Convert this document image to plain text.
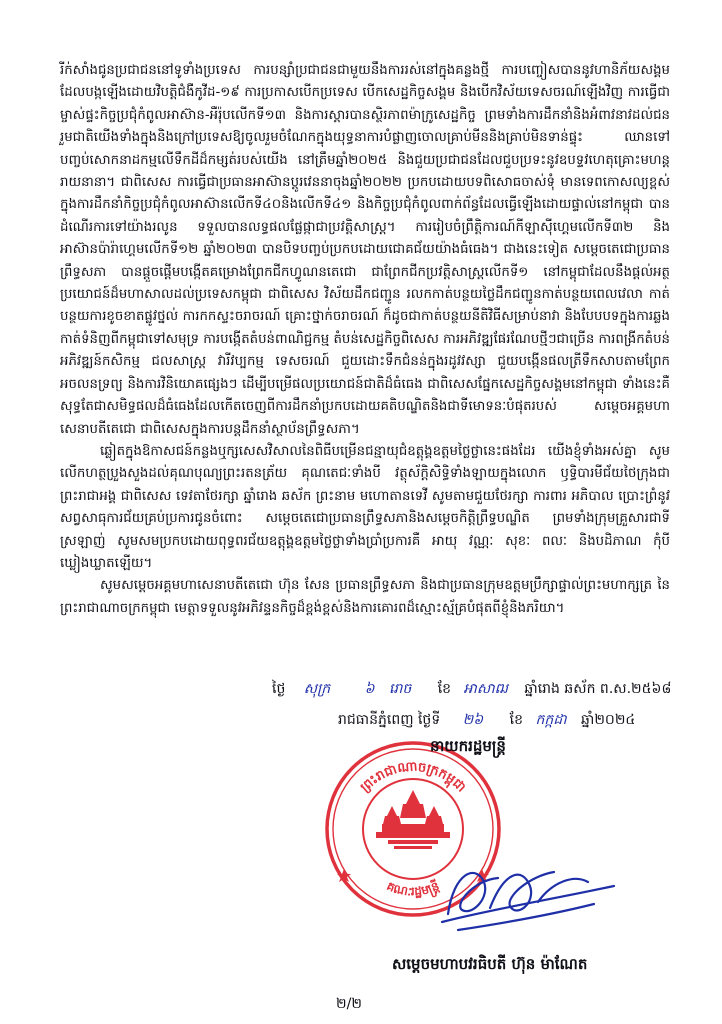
រីក់សាំងជូនប្រជាជននៅទូទាំងប្រទេស ការបន្សាំប្រជាជនជាមួយនឹងការរស់នៅក្នុងគន្លងថ្មី ការបញ្ចៀសបាននូវហានិភ័យសង្គមដែលបង្កឡើងដោយវិបត្តិជំងឺកូវីដ-១៩ ការប្រកាសបើកប្រទេស បើកសេដ្ឋកិច្ចសង្គម និងបើកវិស័យទេសចរណ៍ឡើងវិញ ការធ្វើជាម្ចាស់ផ្ទះកិច្ចប្រជុំកំពូលអាស៊ាន-អឺរ៉ុបលើកទី១៣ និងការស្តារបានស្ថិរភាពម៉ាក្រូសេដ្ឋកិច្ច ព្រមទាំងការដឹកនាំនិងអំពាវនាវដល់ជនរួមជាតិយើងទាំងក្នុងនិងក្រៅប្រទេសឱ្យចូលរួមចំណែកក្នុងយុទ្ធនាការបំផ្លាញចោលគ្រាប់មីននិងគ្រាប់មិនទាន់ផ្ទុះ ឈានទៅបញ្ចប់សោកនាដកម្មលើទឹកដីដ៏កម្សត់របស់យើង នៅត្រឹមឆ្នាំ២០២៥ និងជួយប្រជាជនដែលជួបប្រទះនូវឧបទ្ទវហេតុគ្រោះមហន្តរាយនានា។ ជាពិសេស ការធ្វើជាប្រធានអាស៊ានប្តូរវេននាចុងឆ្នាំ២០២២ ប្រកបដោយបទពិសោធចាស់ទុំ មានទេពកោសល្យខ្ពស់ក្នុងការដឹកនាំកិច្ចប្រជុំកំពូលអាស៊ានលើកទី៤០និងលើកទី៤១ និងកិច្ចប្រជុំកំពូលពាក់ព័ន្ធដែលធ្វើឡើងដោយផ្ទាល់នៅកម្ពុជា បានដំណើរការទៅយ៉ាងរលូន ទទួលបានលទ្ធផលផ្លែផ្កាជាប្រវត្តិសាស្ត្រ។ ការរៀបចំព្រឹត្តិការណ៍កីឡាស៊ីហ្គេមលើកទី៣២ និងអាស៊ានប៉ារ៉ាហ្គេមលើកទី១២ ឆ្នាំ២០២៣ បានបិទបញ្ចប់ប្រកបដោយជោគជ័យយ៉ាងធំធេង។ ជាងនេះទៀត សម្តេចតេជោប្រធានព្រឹទ្ធសភា បានផ្តួចផ្តើមបង្កើតគម្រោងព្រែកជីកហ្វូណនតេជោ ជាព្រែកជីកប្រវត្តិសាស្ត្រលើកទី១ នៅកម្ពុជាដែលនឹងផ្តល់អត្ថប្រយោជន៍ដ៏មហាសាលដល់ប្រទេសកម្ពុជា ជាពិសេស វិស័យដឹកជញ្ជូន រលកកាត់បន្ថយថ្លៃដឹកជញ្ជូនកាត់បន្ថយពេលវេលា កាត់បន្ថយការខូចខាតផ្លូវថ្នល់ ការកកស្ទះចរាចរណ៍ គ្រោះថ្នាក់ចរាចរណ៍ ក៏ដូចជាកាត់បន្ថយនីតិវិធីសម្រាប់នាវា និងបែបបទក្នុងការឆ្លងកាត់ទំនិញពីកម្ពុជាទៅសមុទ្រ ការបង្កើតតំបន់ពាណិជ្ជកម្ម តំបន់សេដ្ឋកិច្ចពិសេស ការអភិវឌ្ឍផែរណែបថ្មីៗជាច្រើន ការពង្រីកតំបន់អភិវឌ្ឍន៍កសិកម្ម ជលសាស្ត្រ វារីវប្បកម្ម ទេសចរណ៍ ជួយដោះទឹកជំនន់ក្នុងរដូវវស្សា ជួយបង្កើនផលត្រីទឹកសាបតាមព្រែក អចលនទ្រព្យ និងការវិនិយោគផ្សេងៗ ដើម្បីបម្រើផលប្រយោជន៍ជាតិដ៏ធំធេង ជាពិសេសផ្នែកសេដ្ឋកិច្ចសង្គមនៅកម្ពុជា ទាំងនេះគឺសុទ្ធតែជាសមិទ្ធផលដ៏ធំធេងដែលកើតចេញពីការដឹកនាំប្រកបដោយគតិបណ្ឌិតនិងជាទីមោទនៈបំផុតរបស់ សម្តេចអគ្គមហាសេនាបតីតេជោ ជាពិសេសក្នុងការបន្តដឹកនាំស្ថាប័នព្រឹទ្ធសភា។

ឆ្លៀតក្នុងឱកាសជន៍កន្លងឬក្សសេសវិសាលនៃពិធីបម្រើនជន្មាយុជំឧត្តុង្គឧត្តមថ្លៃថ្លានេះផងដែរ យើងខ្ញុំទាំងអស់គ្នា សូមលើកហត្ថប្រួងសួងដល់គុណបុណ្យព្រះរតនត្រ័យ គុណតេជៈទាំងបី វត្ថុស័ក្តិសិទ្ធិទាំងឡាយក្នុងលោក ឫទ្ធិបារមីជ័យថៃក្រុងជាព្រះរាជាអង្គ ជាពិសេស ទេវតាថែរក្សា ឆ្នាំរោង ឆស័ក ព្រះនាម មហោតានទេវី សូមតាមជួយថែរក្សា ការពារ អភិបាល ប្រោះព្រំនូវសព្វសាធុការជ័យគ្រប់ប្រការជូនចំពោះ សម្តេចតេជោប្រធានព្រឹទ្ធសភានិងសម្តេចកិត្តិព្រឹទ្ធបណ្ឌិត ព្រមទាំងក្រុមគ្រួសារជាទីស្រឡាញ់ សូមសមប្រកបដោយពុទ្ធពរជ័យឧត្តុង្គឧត្តមថ្លៃថ្លាទាំងប្រាំប្រការគឺ អាយុ វណ្ណៈ សុខៈ ពលៈ និងបដិភាណ កុំបីឃ្លៀងឃ្លាតឡើយ។

សូមសម្តេចអគ្គមហាសេនាបតីតេជោ ហ៊ុន សែន ប្រធានព្រឹទ្ធសភា និងជាប្រធានក្រុមឧត្តមប្រឹក្សាផ្ទាល់ព្រះមហាក្សត្រ នៃព្រះរាជាណាចក្រកម្ពុជា មេត្តាទទួលនូវអភិវន្ទនកិច្ចដ៏ខ្ពង់ខ្ពស់និងការគោរពដ៏ស្មោះស្ម័គ្របំផុតពីខ្ញុំនិងភរិយា។

ថ្ងៃ សុក្រ ៦ រោច ខែ អាសាឍ ឆ្នាំរោង ឆស័ក ព.ស.២៥៦៨
រាជធានីភ្នំពេញ ថ្ងៃទី ២៦ ខែ កក្កដា ឆ្នាំ២០២៤
ព្រះរាជាណាចក្រកម្ពុជា
គណៈរដ្ឋមន្ត្រី
នាយករដ្ឋមន្ត្រី
សម្តេចមហាបវរធិបតី ហ៊ុន ម៉ាណែត
២/២
